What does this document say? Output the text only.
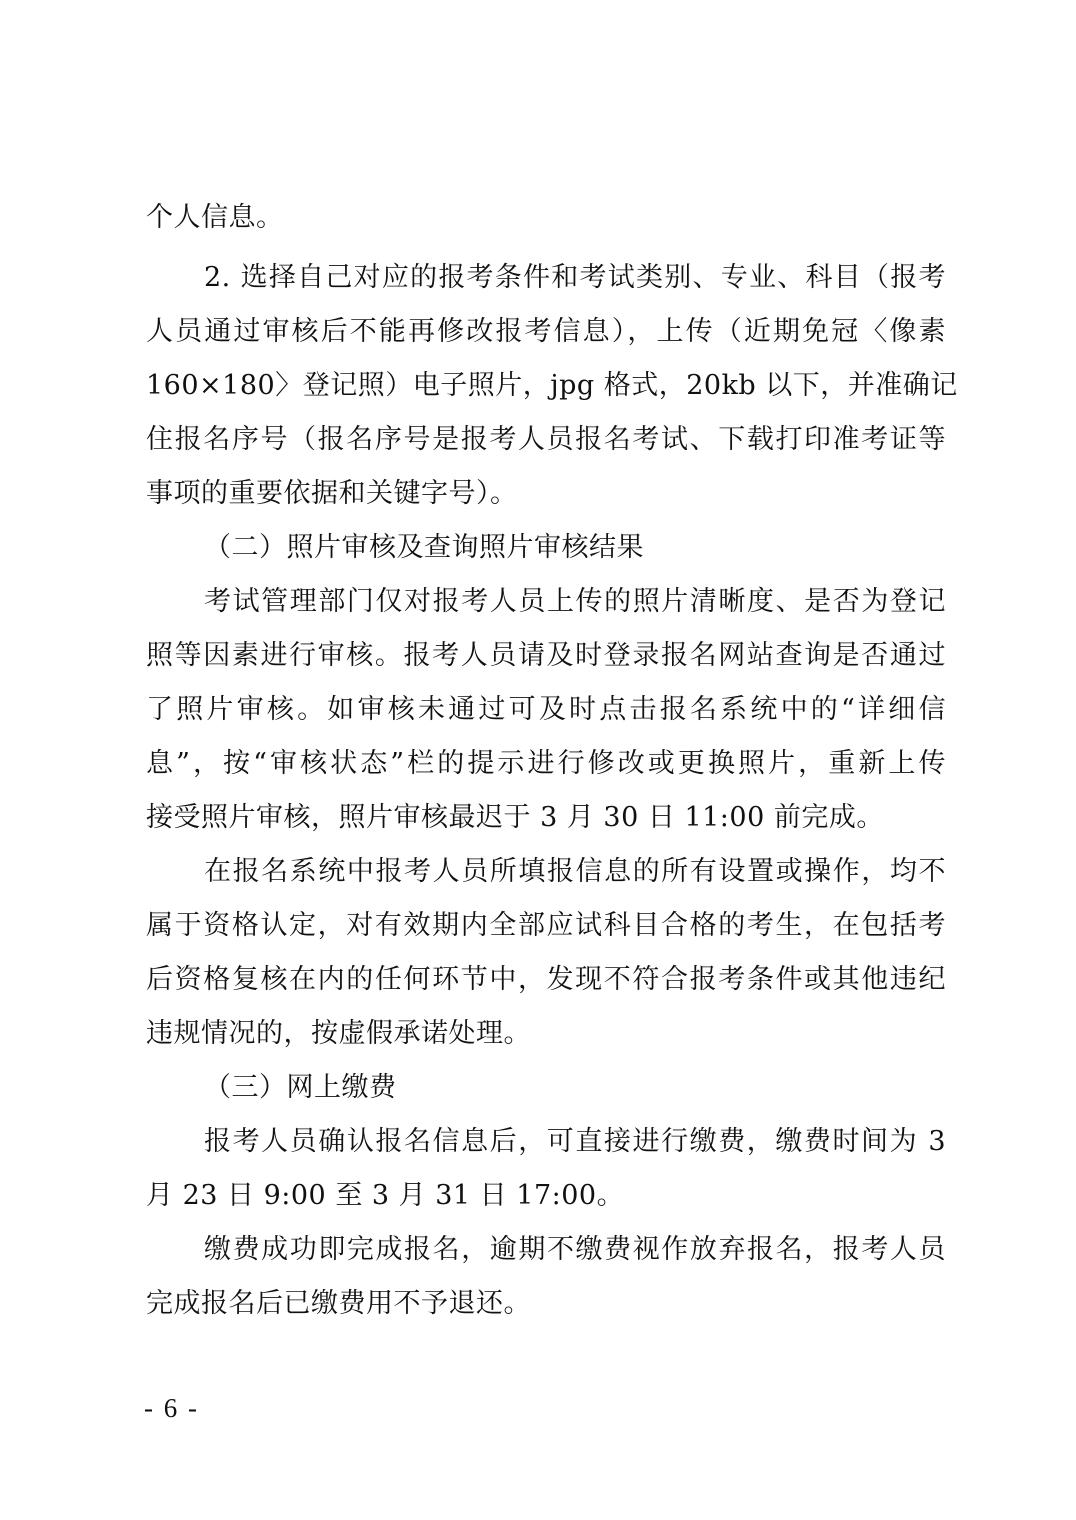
个人信息。
2. 选择自己对应的报考条件和考试类别、专业、科目（报考
人员通过审核后不能再修改报考信息），上传（近期免冠〈像素
160×180〉登记照）电子照片，jpg 格式，20kb 以下，并准确记
住报名序号（报名序号是报考人员报名考试、下载打印准考证等
事项的重要依据和关键字号）。
（二）照片审核及查询照片审核结果
考试管理部门仅对报考人员上传的照片清晰度、是否为登记
照等因素进行审核。报考人员请及时登录报名网站查询是否通过
了照片审核。如审核未通过可及时点击报名系统中的“详细信
息”，按“审核状态”栏的提示进行修改或更换照片，重新上传
接受照片审核，照片审核最迟于 3 月 30 日 11:00 前完成。
在报名系统中报考人员所填报信息的所有设置或操作，均不
属于资格认定，对有效期内全部应试科目合格的考生，在包括考
后资格复核在内的任何环节中，发现不符合报考条件或其他违纪
违规情况的，按虚假承诺处理。
（三）网上缴费
报考人员确认报名信息后，可直接进行缴费，缴费时间为 3
月 23 日 9:00 至 3 月 31 日 17:00。
缴费成功即完成报名，逾期不缴费视作放弃报名，报考人员
完成报名后已缴费用不予退还。
- 6 -
